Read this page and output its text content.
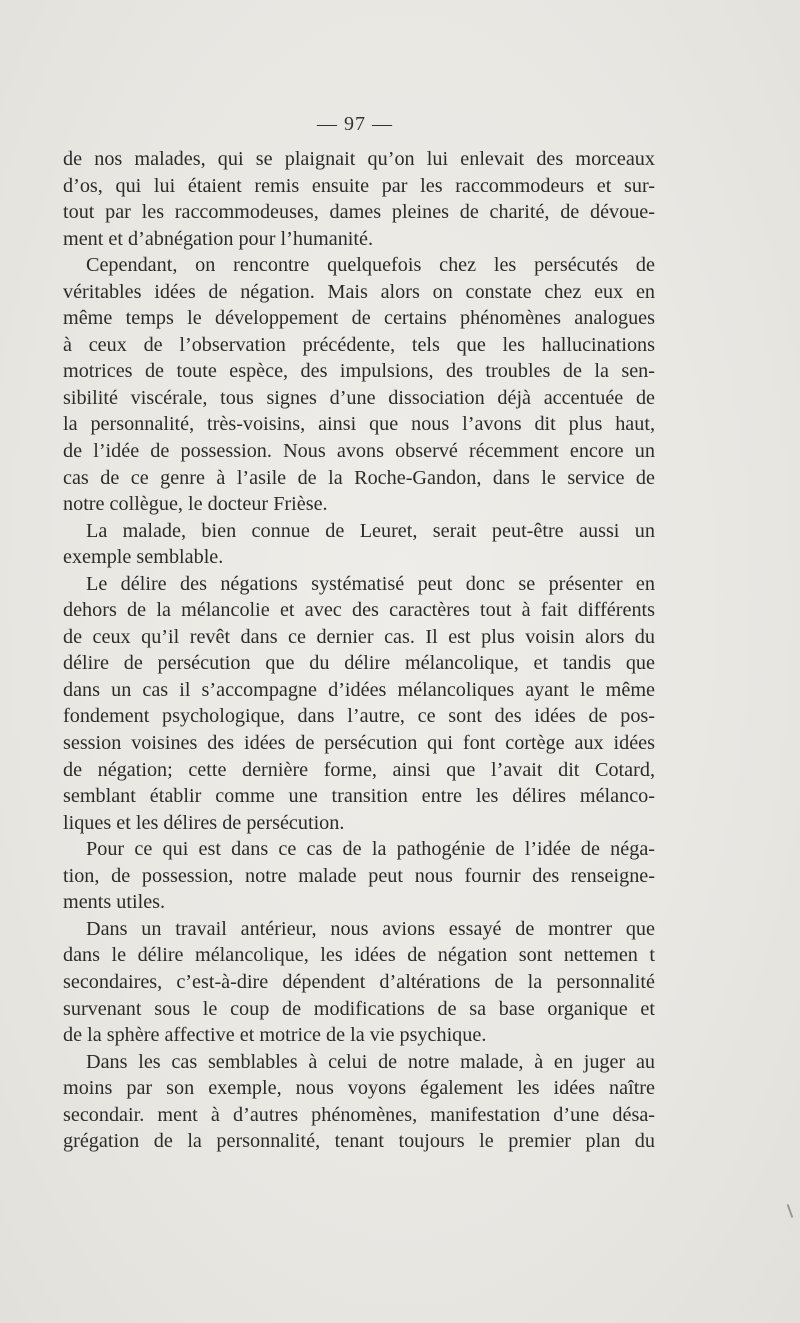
— 97 —
de nos malades, qui se plaignait qu’on lui enlevait des morceaux
d’os, qui lui étaient remis ensuite par les raccommodeurs et sur-
tout par les raccommodeuses, dames pleines de charité, de dévoue-
ment et d’abnégation pour l’humanité.
Cependant, on rencontre quelquefois chez les persécutés de
véritables idées de négation. Mais alors on constate chez eux en
même temps le développement de certains phénomènes analogues
à ceux de l’observation précédente, tels que les hallucinations
motrices de toute espèce, des impulsions, des troubles de la sen-
sibilité viscérale, tous signes d’une dissociation déjà accentuée de
la personnalité, très-voisins, ainsi que nous l’avons dit plus haut,
de l’idée de possession. Nous avons observé récemment encore un
cas de ce genre à l’asile de la Roche-Gandon, dans le service de
notre collègue, le docteur Frièse.
La malade, bien connue de Leuret, serait peut-être aussi un
exemple semblable.
Le délire des négations systématisé peut donc se présenter en
dehors de la mélancolie et avec des caractères tout à fait différents
de ceux qu’il revêt dans ce dernier cas. Il est plus voisin alors du
délire de persécution que du délire mélancolique, et tandis que
dans un cas il s’accompagne d’idées mélancoliques ayant le même
fondement psychologique, dans l’autre, ce sont des idées de pos-
session voisines des idées de persécution qui font cortège aux idées
de négation; cette dernière forme, ainsi que l’avait dit Cotard,
semblant établir comme une transition entre les délires mélanco-
liques et les délires de persécution.
Pour ce qui est dans ce cas de la pathogénie de l’idée de néga-
tion, de possession, notre malade peut nous fournir des renseigne-
ments utiles.
Dans un travail antérieur, nous avions essayé de montrer que
dans le délire mélancolique, les idées de négation sont nettemen t
secondaires, c’est-à-dire dépendent d’altérations de la personnalité
survenant sous le coup de modifications de sa base organique et
de la sphère affective et motrice de la vie psychique.
Dans les cas semblables à celui de notre malade, à en juger au
moins par son exemple, nous voyons également les idées naître
secondair. ment à d’autres phénomènes, manifestation d’une désa-
grégation de la personnalité, tenant toujours le premier plan du
